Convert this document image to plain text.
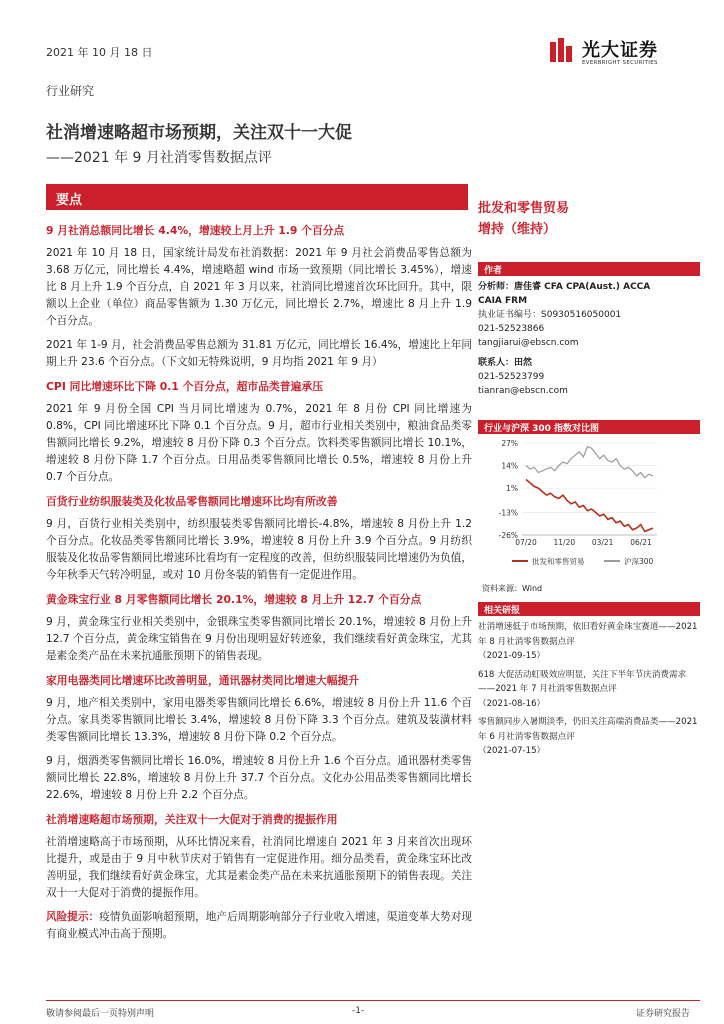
2021 年 10 月 18 日	光大证券
EVERBRIGHT SECURITIES
行业研究
社消增速略超市场预期，关注双十一大促
——2021 年 9 月社消零售数据点评
要点
9 月社消总额同比增长 4.4%，增速较上月上升 1.9 个百分点

2021 年 10 月 18 日，国家统计局发布社消数据：2021 年 9 月社会消费品零售总额为 3.68 万亿元，同比增长 4.4%，增速略超 wind 市场一致预期（同比增长 3.45%），增速比 8 月上升 1.9 个百分点，自 2021 年 3 月以来，社消同比增速首次环比回升。其中，限额以上企业（单位）商品零售额为 1.30 万亿元，同比增长 2.7%，增速比 8 月上升 1.9 个百分点。

2021 年 1-9 月，社会消费品零售总额为 31.81 万亿元，同比增长 16.4%，增速比上年同期上升 23.6 个百分点。（下文如无特殊说明，9 月均指 2021 年 9 月）

CPI 同比增速环比下降 0.1 个百分点，超市品类普遍承压

2021 年 9 月份全国 CPI 当月同比增速为 0.7%，2021 年 8 月份 CPI 同比增速为 0.8%，CPI 同比增速环比下降 0.1 个百分点。9 月，超市行业相关类别中，粮油食品类零售额同比增长 9.2%，增速较 8 月份下降 0.3 个百分点。饮料类零售额同比增长 10.1%，增速较 8 月份下降 1.7 个百分点。日用品类零售额同比增长 0.5%，增速较 8 月份上升 0.7 个百分点。

百货行业纺织服装类及化妆品零售额同比增速环比均有所改善

9 月，百货行业相关类别中，纺织服装类零售额同比增长-4.8%，增速较 8 月份上升 1.2 个百分点。化妆品类零售额同比增长 3.9%，增速较 8 月份上升 3.9 个百分点。9 月纺织服装及化妆品零售额同比增速环比看均有一定程度的改善，但纺织服装同比增速仍为负值，今年秋季天气转冷明显，或对 10 月份冬装的销售有一定促进作用。

黄金珠宝行业 8 月零售额同比增长 20.1%，增速较 8 月上升 12.7 个百分点

9 月，黄金珠宝行业相关类别中，金银珠宝类零售额同比增长 20.1%，增速较 8 月份上升 12.7 个百分点，黄金珠宝销售在 9 月份出现明显好转迹象，我们继续看好黄金珠宝，尤其是素金类产品在未来抗通胀预期下的销售表现。

家用电器类同比增速环比改善明显，通讯器材类同比增速大幅提升

9 月，地产相关类别中，家用电器类零售额同比增长 6.6%，增速较 8 月份上升 11.6 个百分点。家具类零售额同比增长 3.4%，增速较 8 月份下降 3.3 个百分点。建筑及装潢材料类零售额同比增长 13.3%，增速较 8 月份下降 0.2 个百分点。

9 月，烟酒类零售额同比增长 16.0%，增速较 8 月份上升 1.6 个百分点。通讯器材类零售额同比增长 22.8%，增速较 8 月份上升 37.7 个百分点。文化办公用品类零售额同比增长 22.6%，增速较 8 月份上升 2.2 个百分点。

社消增速略超市场预期，关注双十一大促对于消费的提振作用

社消增速略高于市场预期，从环比情况来看，社消同比增速自 2021 年 3 月来首次出现环比提升，或是由于 9 月中秋节庆对于销售有一定促进作用。细分品类看，黄金珠宝环比改善明显，我们继续看好黄金珠宝，尤其是素金类产品在未来抗通胀预期下的销售表现。关注双十一大促对于消费的提振作用。

风险提示：疫情负面影响超预期，地产后周期影响部分子行业收入增速，渠道变革大势对现有商业模式冲击高于预期。

批发和零售贸易
增持（维持）
作者
分析师：唐佳睿 CFA CPA(Aust.) ACCA
CAIA FRM
执业证书编号：S0930516050001
021-52523866
tangjiarui@ebscn.com
联系人：田然
021-52523799
tianran@ebscn.com
行业与沪深 300 指数对比图
27%
14%
1%
-13%
-26%
07/20 11/20 03/21 06/21
批发和零售贸易	沪深300
资料来源：Wind
相关研报
社消增速低于市场预期，依旧看好黄金珠宝赛道——2021 年 8 月社消零售数据点评
（2021-09-15）
618 大促活动虹吸效应明显，关注下半年节庆消费需求——2021 年 7 月社消零售数据点评
（2021-08-16）
零售额同步入暑期淡季，仍旧关注高端消费品类——2021 年 6 月社消零售数据点评
（2021-07-15）
敬请参阅最后一页特别声明	-1-	证券研究报告
